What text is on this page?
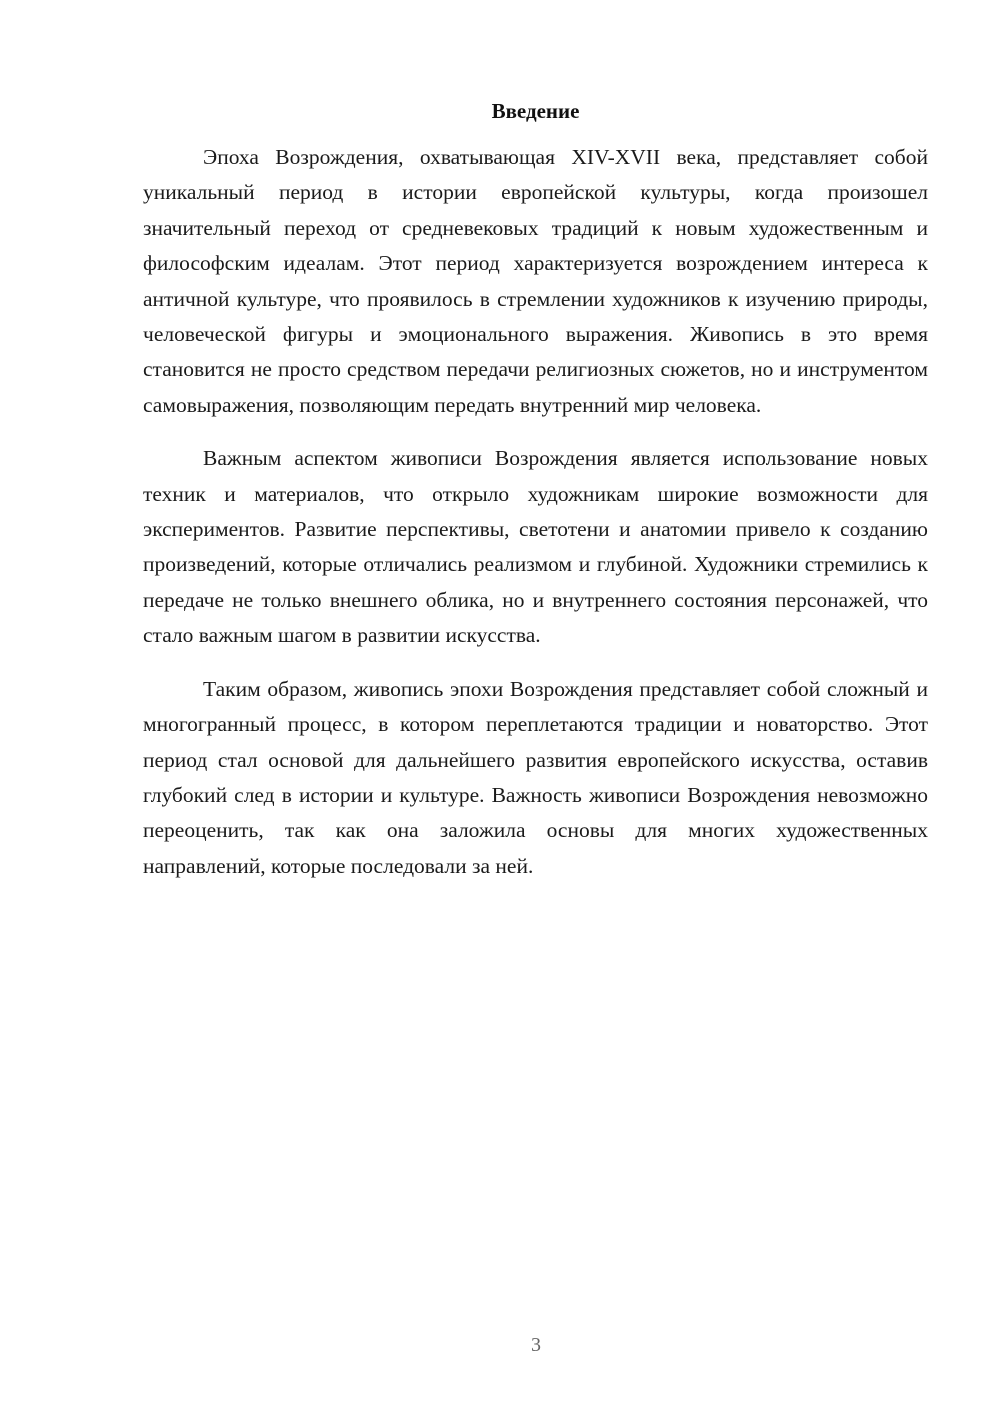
Введение

Эпоха Возрождения, охватывающая XIV-XVII века, представляет собой уникальный период в истории европейской культуры, когда произошел значительный переход от средневековых традиций к новым художественным и философским идеалам. Этот период характеризуется возрождением интереса к античной культуре, что проявилось в стремлении художников к изучению природы, человеческой фигуры и эмоционального выражения. Живопись в это время становится не просто средством передачи религиозных сюжетов, но и инструментом самовыражения, позволяющим передать внутренний мир человека.

Важным аспектом живописи Возрождения является использование новых техник и материалов, что открыло художникам широкие возможности для экспериментов. Развитие перспективы, светотени и анатомии привело к созданию произведений, которые отличались реализмом и глубиной. Художники стремились к передаче не только внешнего облика, но и внутреннего состояния персонажей, что стало важным шагом в развитии искусства.

Таким образом, живопись эпохи Возрождения представляет собой сложный и многогранный процесс, в котором переплетаются традиции и новаторство. Этот период стал основой для дальнейшего развития европейского искусства, оставив глубокий след в истории и культуре. Важность живописи Возрождения невозможно переоценить, так как она заложила основы для многих художественных направлений, которые последовали за ней.

3
